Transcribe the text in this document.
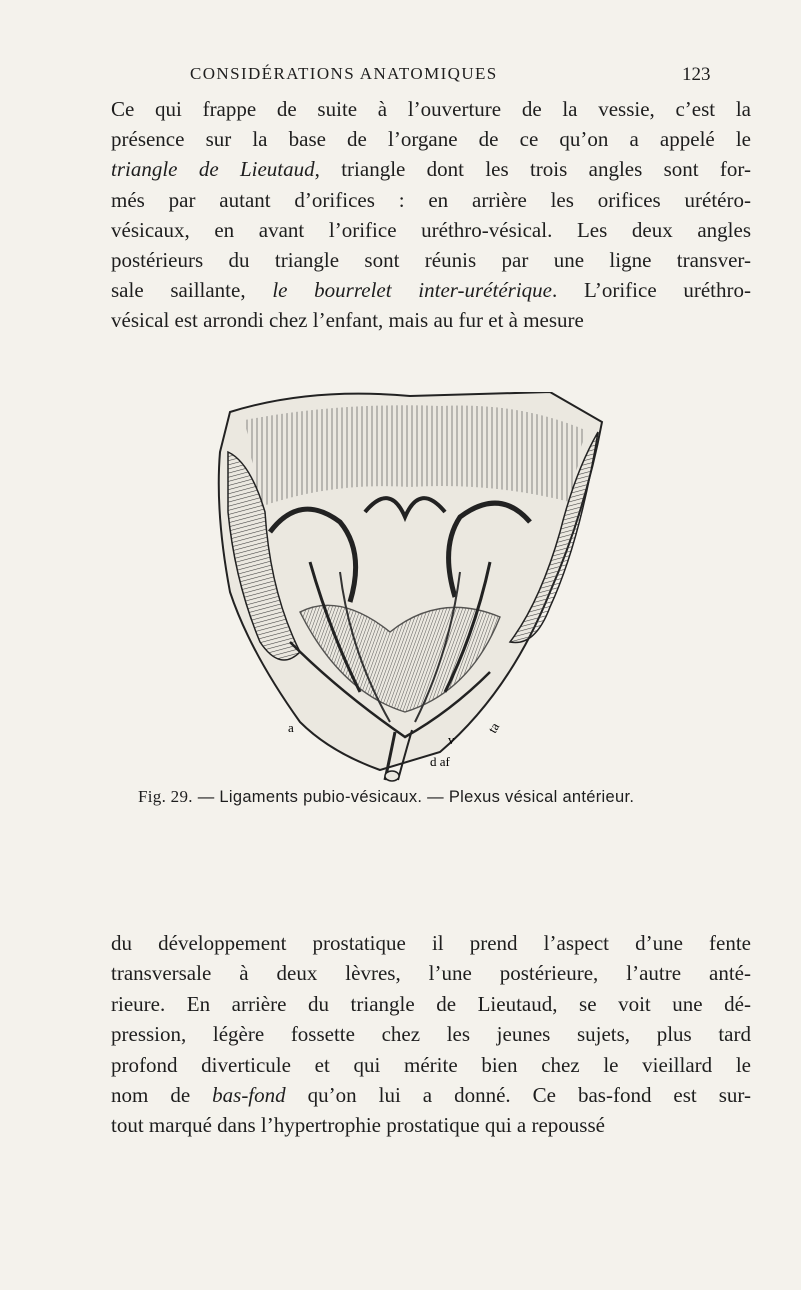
CONSIDÉRATIONS ANATOMIQUES	123
Ce qui frappe de suite à l’ouverture de la vessie, c’est la
présence sur la base de l’organe de ce qu’on a appelé le
triangle de Lieutaud, triangle dont les trois angles sont for-
més par autant d’orifices : en arrière les orifices urétéro-
vésicaux, en avant l’orifice uréthro-vésical. Les deux angles
postérieurs du triangle sont réunis par une ligne transver-
sale saillante, le bourrelet inter-urétérique. L’orifice uréthro-
vésical est arrondi chez l’enfant, mais au fur et à mesure
a	ta
v
d af
Fig. 29. — Ligaments pubio-vésicaux. — Plexus vésical antérieur.
du développement prostatique il prend l’aspect d’une fente
transversale à deux lèvres, l’une postérieure, l’autre anté-
rieure. En arrière du triangle de Lieutaud, se voit une dé-
pression, légère fossette chez les jeunes sujets, plus tard
profond diverticule et qui mérite bien chez le vieillard le
nom de bas-fond qu’on lui a donné. Ce bas-fond est sur-
tout marqué dans l’hypertrophie prostatique qui a repoussé
